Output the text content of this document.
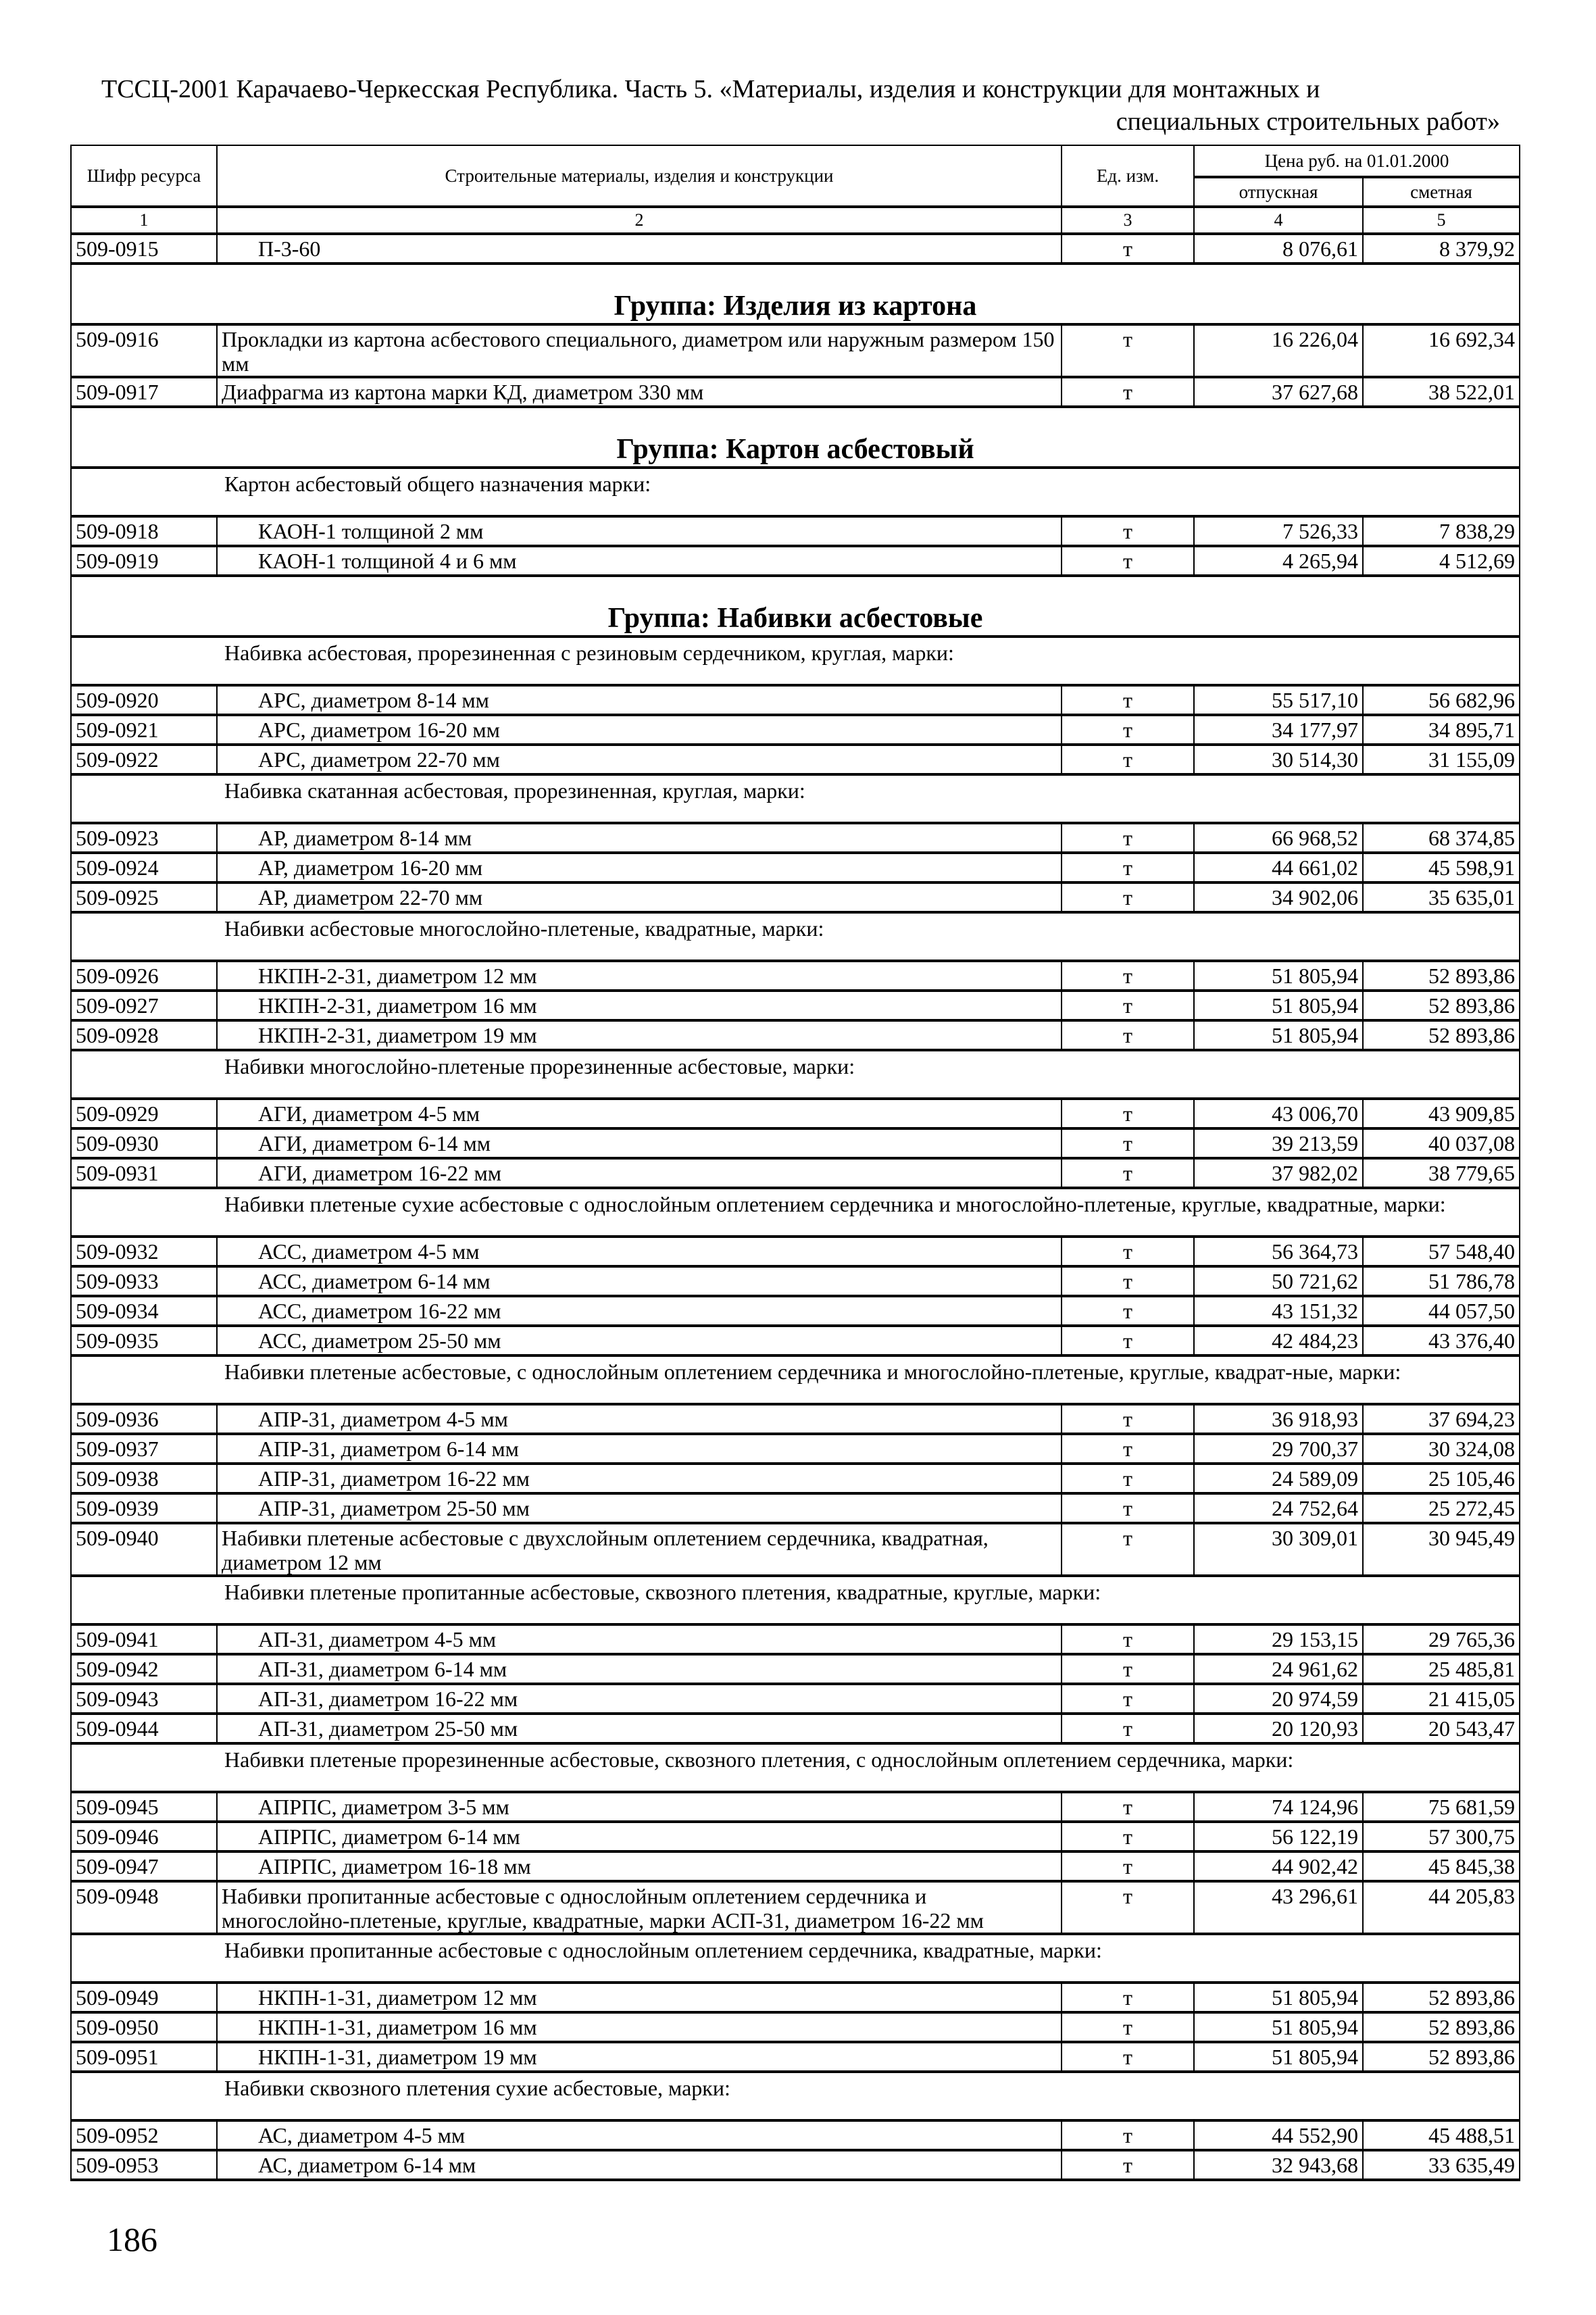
ТССЦ-2001 Карачаево-Черкесская Республика. Часть 5. «Материалы, изделия и конструкции для монтажных и
специальных строительных работ»
Шифр ресурса	Строительные материалы, изделия и конструкции	Ед. изм.	Цена руб. на 01.01.2000	
			отпускная	сметная
1	2	3	4	5
509-0915	П-3-60	т	8 076,61	8 379,92
Группа: Изделия из картона				
509-0916	Прокладки из картона асбестового специального, диаметром или наружным размером 150 мм	т	16 226,04	16 692,34
509-0917	Диафрагма из картона марки КД, диаметром 330 мм	т	37 627,68	38 522,01
Группа: Картон асбестовый				
Картон асбестовый общего назначения марки:				
509-0918	КАОН-1 толщиной 2 мм	т	7 526,33	7 838,29
509-0919	КАОН-1 толщиной 4 и 6 мм	т	4 265,94	4 512,69
Группа: Набивки асбестовые				
Набивка асбестовая, прорезиненная с резиновым сердечником, круглая, марки:				
509-0920	АРС, диаметром 8-14 мм	т	55 517,10	56 682,96
509-0921	АРС, диаметром 16-20 мм	т	34 177,97	34 895,71
509-0922	АРС, диаметром 22-70 мм	т	30 514,30	31 155,09
Набивка скатанная асбестовая, прорезиненная, круглая, марки:				
509-0923	АР, диаметром 8-14 мм	т	66 968,52	68 374,85
509-0924	АР, диаметром 16-20 мм	т	44 661,02	45 598,91
509-0925	АР, диаметром 22-70 мм	т	34 902,06	35 635,01
Набивки асбестовые многослойно-плетеные, квадратные, марки:				
509-0926	НКПН-2-31, диаметром 12 мм	т	51 805,94	52 893,86
509-0927	НКПН-2-31, диаметром 16 мм	т	51 805,94	52 893,86
509-0928	НКПН-2-31, диаметром 19 мм	т	51 805,94	52 893,86
Набивки многослойно-плетеные прорезиненные асбестовые, марки:				
509-0929	АГИ, диаметром 4-5 мм	т	43 006,70	43 909,85
509-0930	АГИ, диаметром 6-14 мм	т	39 213,59	40 037,08
509-0931	АГИ, диаметром 16-22 мм	т	37 982,02	38 779,65
Набивки плетеные сухие асбестовые с однослойным оплетением сердечника и многослойно-плетеные, круглые, квадратные, марки:				
509-0932	АСС, диаметром 4-5 мм	т	56 364,73	57 548,40
509-0933	АСС, диаметром 6-14 мм	т	50 721,62	51 786,78
509-0934	АСС, диаметром 16-22 мм	т	43 151,32	44 057,50
509-0935	АСС, диаметром 25-50 мм	т	42 484,23	43 376,40
Набивки плетеные асбестовые, с однослойным оплетением сердечника и многослойно-плетеные, круглые, квадрат-ные, марки:				
509-0936	АПР-31, диаметром 4-5 мм	т	36 918,93	37 694,23
509-0937	АПР-31, диаметром 6-14 мм	т	29 700,37	30 324,08
509-0938	АПР-31, диаметром 16-22 мм	т	24 589,09	25 105,46
509-0939	АПР-31, диаметром 25-50 мм	т	24 752,64	25 272,45
509-0940	Набивки плетеные асбестовые с двухслойным оплетением сердечника, квадратная, диаметром 12 мм	т	30 309,01	30 945,49
Набивки плетеные пропитанные асбестовые, сквозного плетения, квадратные, круглые, марки:				
509-0941	АП-31, диаметром 4-5 мм	т	29 153,15	29 765,36
509-0942	АП-31, диаметром 6-14 мм	т	24 961,62	25 485,81
509-0943	АП-31, диаметром 16-22 мм	т	20 974,59	21 415,05
509-0944	АП-31, диаметром 25-50 мм	т	20 120,93	20 543,47
Набивки плетеные прорезиненные асбестовые, сквозного плетения, с однослойным оплетением сердечника, марки:				
509-0945	АПРПС, диаметром 3-5 мм	т	74 124,96	75 681,59
509-0946	АПРПС, диаметром 6-14 мм	т	56 122,19	57 300,75
509-0947	АПРПС, диаметром 16-18 мм	т	44 902,42	45 845,38
509-0948	Набивки пропитанные асбестовые с однослойным оплетением сердечника и многослойно-плетеные, круглые, квадратные, марки АСП-31, диаметром 16-22 мм	т	43 296,61	44 205,83
Набивки пропитанные асбестовые с однослойным оплетением сердечника, квадратные, марки:				
509-0949	НКПН-1-31, диаметром 12 мм	т	51 805,94	52 893,86
509-0950	НКПН-1-31, диаметром 16 мм	т	51 805,94	52 893,86
509-0951	НКПН-1-31, диаметром 19 мм	т	51 805,94	52 893,86
Набивки сквозного плетения сухие асбестовые, марки:				
509-0952	АС, диаметром 4-5 мм	т	44 552,90	45 488,51
509-0953	АС, диаметром 6-14 мм	т	32 943,68	33 635,49
186
